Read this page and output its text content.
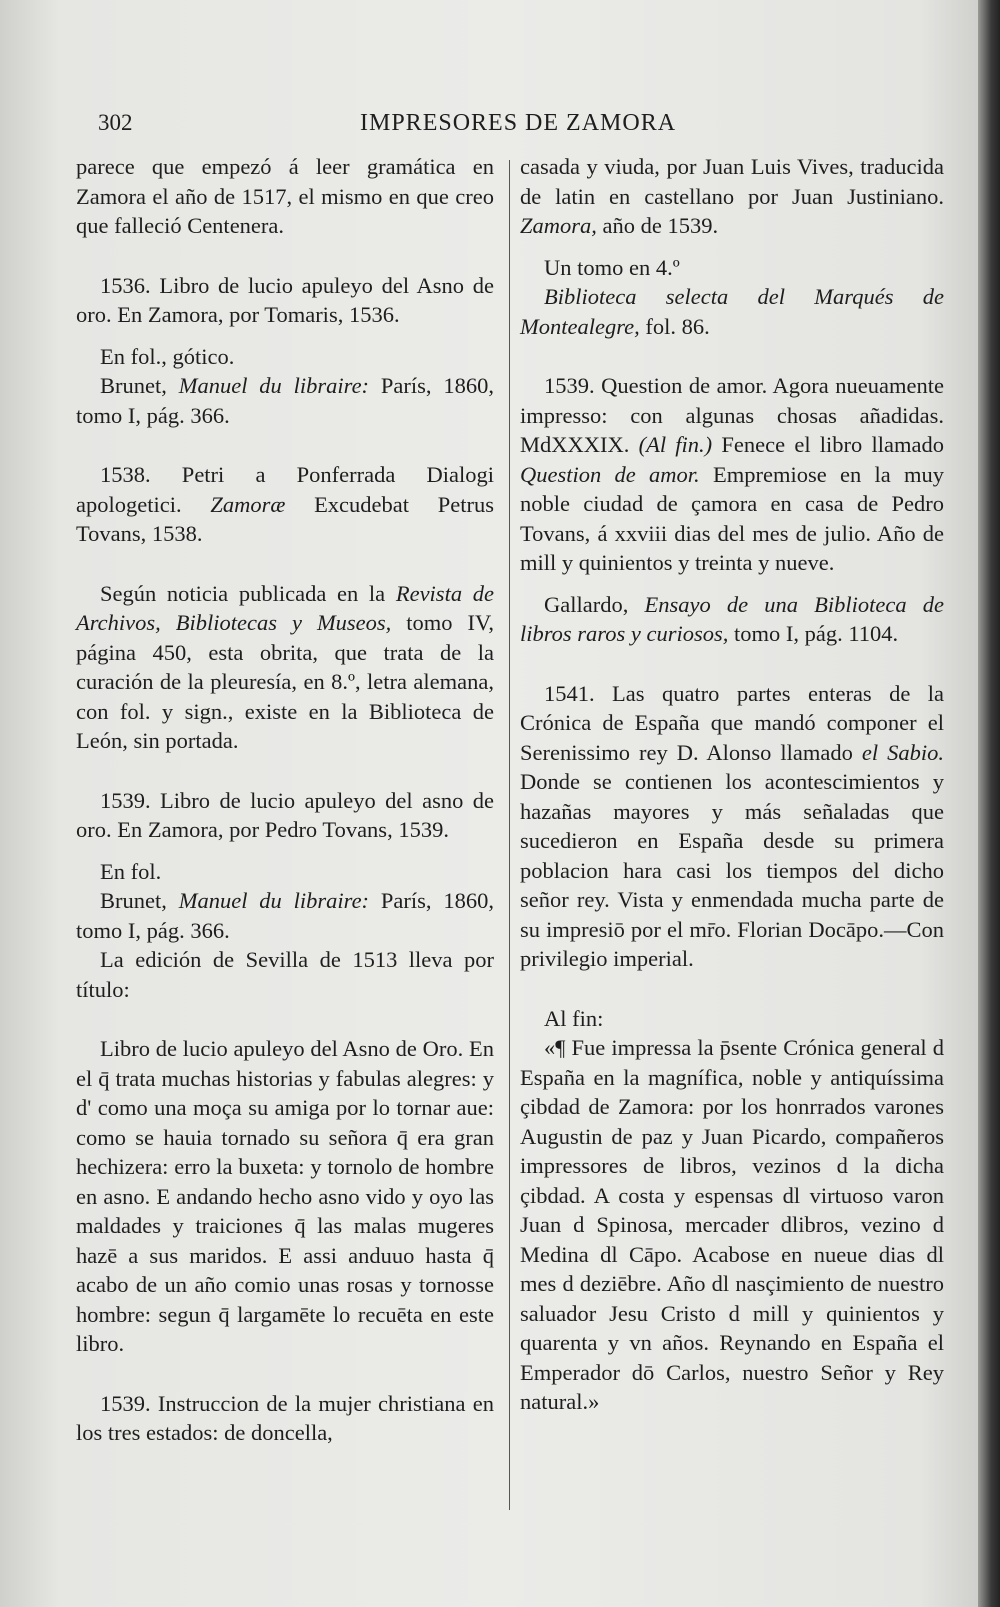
302	IMPRESORES DE ZAMORA

parece que empezó á leer gramática en Zamora el año de 1517, el mismo en que creo que falleció Centenera.

1536. Libro de lucio apuleyo del Asno de oro. En Zamora, por Tomaris, 1536.

En fol., gótico.

Brunet, Manuel du libraire: París, 1860, tomo I, pág. 366.

1538. Petri a Ponferrada Dialogi apologetici. Zamoræ Excudebat Petrus Tovans, 1538.

Según noticia publicada en la Revista de Archivos, Bibliotecas y Museos, tomo IV, página 450, esta obrita, que trata de la curación de la pleuresía, en 8.º, letra alemana, con fol. y sign., existe en la Biblioteca de León, sin portada.

1539. Libro de lucio apuleyo del asno de oro. En Zamora, por Pedro Tovans, 1539.

En fol.

Brunet, Manuel du libraire: París, 1860, tomo I, pág. 366.

La edición de Sevilla de 1513 lleva por título:

Libro de lucio apuleyo del Asno de Oro. En el q̄ trata muchas historias y fabulas alegres: y d' como una moça su amiga por lo tornar aue: como se hauia tornado su señora q̄ era gran hechizera: erro la buxeta: y tornolo de hombre en asno. E andando hecho asno vido y oyo las maldades y traiciones q̄ las malas mugeres hazē a sus maridos. E assi anduuo hasta q̄ acabo de un año comio unas rosas y tornosse hombre: segun q̄ largamēte lo recuēta en este libro.

1539. Instruccion de la mujer christiana en los tres estados: de doncella,

casada y viuda, por Juan Luis Vives, traducida de latin en castellano por Juan Justiniano. Zamora, año de 1539.

Un tomo en 4.º

Biblioteca selecta del Marqués de Montealegre, fol. 86.

1539. Question de amor. Agora nueuamente impresso: con algunas chosas añadidas. MdXXXIX. (Al fin.) Fenece el libro llamado Question de amor. Empremiose en la muy noble ciudad de çamora en casa de Pedro Tovans, á xxviii dias del mes de julio. Año de mill y quinientos y treinta y nueve.

Gallardo, Ensayo de una Biblioteca de libros raros y curiosos, tomo I, pág. 1104.

1541. Las quatro partes enteras de la Crónica de España que mandó componer el Serenissimo rey D. Alonso llamado el Sabio. Donde se contienen los acontescimientos y hazañas mayores y más señaladas que sucedieron en España desde su primera poblacion hara casi los tiempos del dicho señor rey. Vista y enmendada mucha parte de su impresiō por el mr̄o. Florian Docāpo.—Con privilegio imperial.

Al fin:

«¶ Fue impressa la p̄sente Crónica general d España en la magnífica, noble y antiquíssima çibdad de Zamora: por los honrrados varones Augustin de paz y Juan Picardo, compañeros impressores de libros, vezinos d la dicha çibdad. A costa y espensas dl virtuoso varon Juan d Spinosa, mercader dlibros, vezino d Medina dl Cāpo. Acabose en nueue dias dl mes d deziēbre. Año dl nasçimiento de nuestro saluador Jesu Cristo d mill y quinientos y quarenta y vn años. Reynando en España el Emperador dō Carlos, nuestro Señor y Rey natural.»
